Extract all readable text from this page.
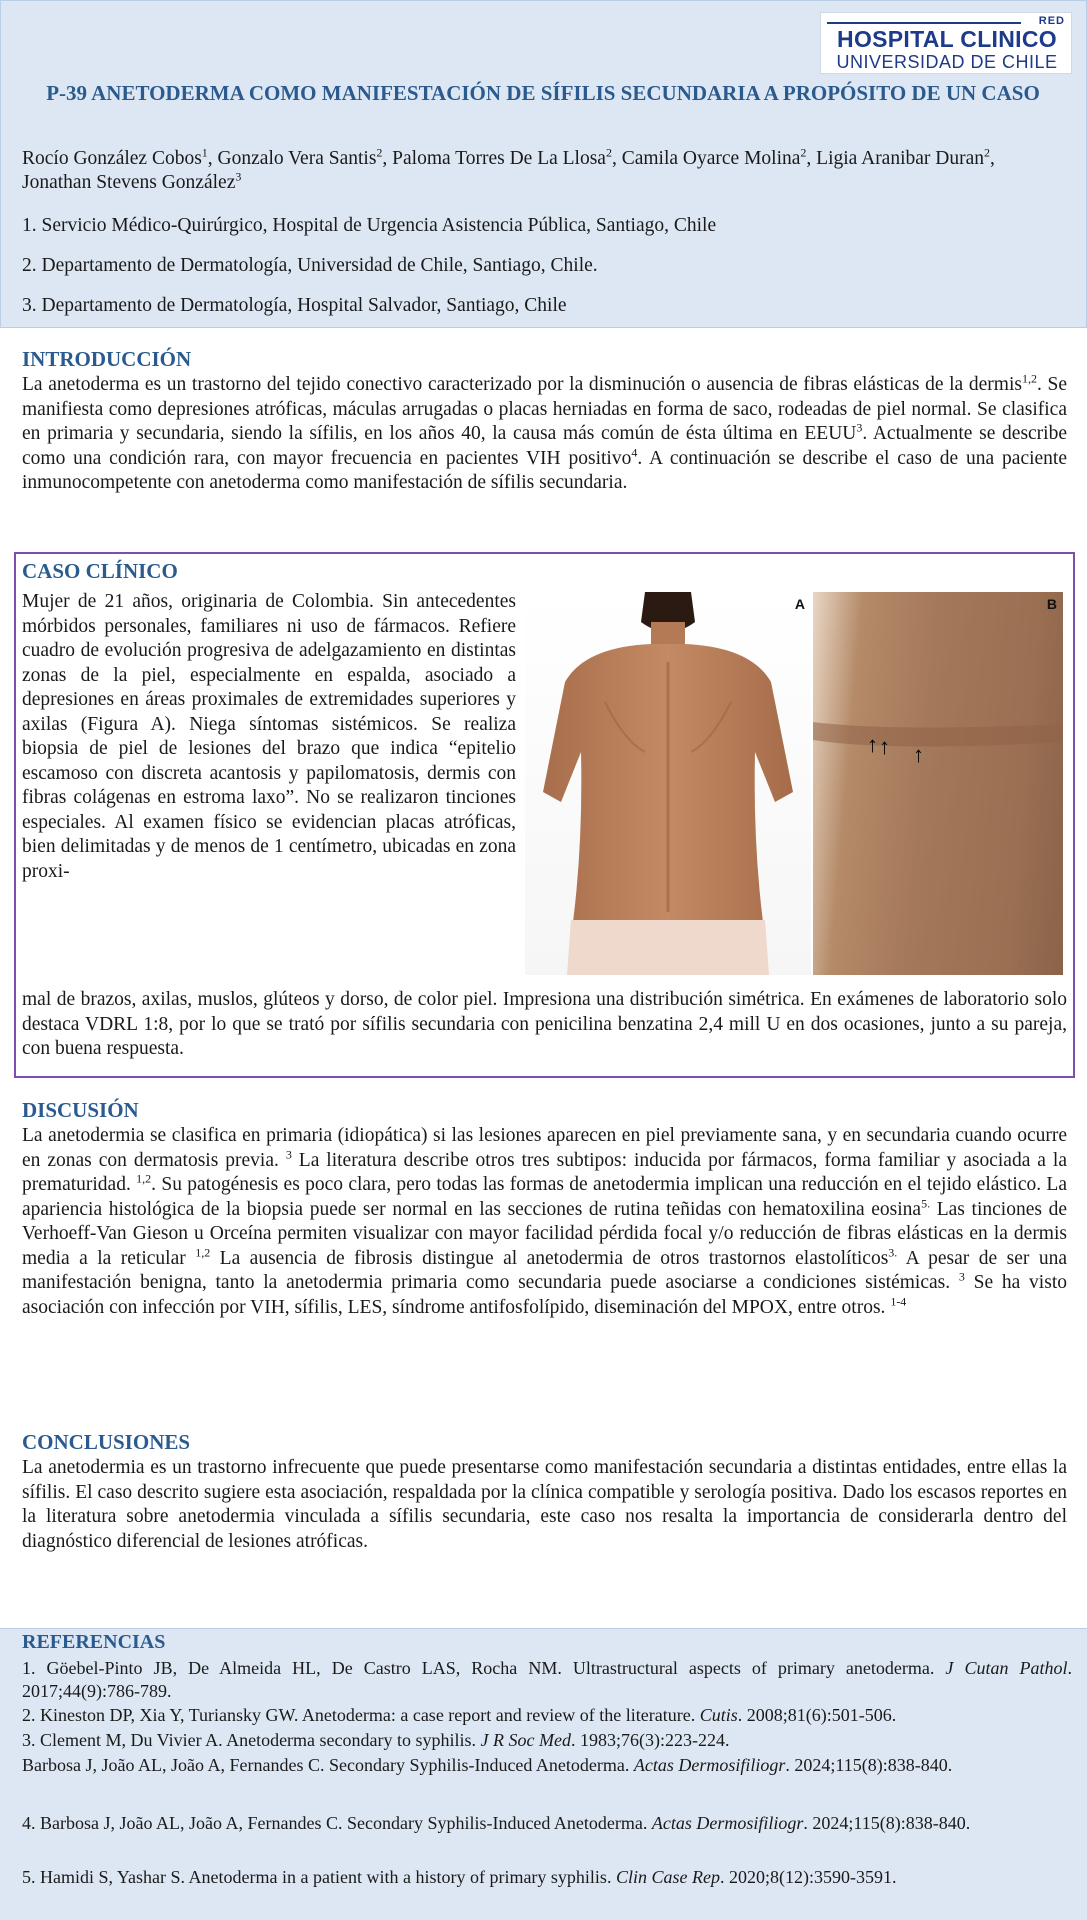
RED
HOSPITAL CLINICO
UNIVERSIDAD DE CHILE
P-39 ANETODERMA COMO MANIFESTACIÓN DE SÍFILIS SECUNDARIA A PROPÓSITO DE UN CASO
Rocío González Cobos$^1$, Gonzalo Vera Santis$^2$, Paloma Torres De La Llosa$^2$, Camila Oyarce Molina$^2$, Ligia Aranibar Duran$^2$, Jonathan Stevens González$^3$
1. Servicio Médico-Quirúrgico, Hospital de Urgencia Asistencia Pública, Santiago, Chile
2. Departamento de Dermatología, Universidad de Chile, Santiago, Chile.
3. Departamento de Dermatología, Hospital Salvador, Santiago, Chile
INTRODUCCIÓN
La anetoderma es un trastorno del tejido conectivo caracterizado por la disminución o ausencia de fibras elásticas de la dermis$^{1,2}$. Se manifiesta como depresiones atróficas, máculas arrugadas o placas herniadas en forma de saco, rodeadas de piel normal. Se clasifica en primaria y secundaria, siendo la sífilis, en los años 40, la causa más común de ésta última en EEUU$^3$. Actualmente se describe como una condición rara, con mayor frecuencia en pacientes VIH positivo$^4$. A continuación se describe el caso de una paciente inmunocompetente con anetoderma como manifestación de sífilis secundaria.
CASO CLÍNICO
Mujer de 21 años, originaria de Colombia. Sin antecedentes mórbidos personales, familiares ni uso de fármacos. Refiere cuadro de evolución progresiva de adelgazamiento en distintas zonas de la piel, especialmente en espalda, asociado a depresiones en áreas proximales de extremidades superiores y axilas (Figura A). Niega síntomas sistémicos. Se realiza biopsia de piel de lesiones del brazo que indica “epitelio escamoso con discreta acantosis y papilomatosis, dermis con fibras colágenas en estroma laxo”. No se realizaron tinciones especiales. Al examen físico se evidencian placas atróficas, bien delimitadas y de menos de 1 centímetro, ubicadas en zona proxi-
A	B
↑ ↑ ↑
mal de brazos, axilas, muslos, glúteos y dorso, de color piel. Impresiona una distribución simétrica. En exámenes de laboratorio solo destaca VDRL 1:8, por lo que se trató por sífilis secundaria con penicilina benzatina 2,4 mill U en dos ocasiones, junto a su pareja, con buena respuesta.
DISCUSIÓN
La anetodermia se clasifica en primaria (idiopática) si las lesiones aparecen en piel previamente sana, y en secundaria cuando ocurre en zonas con dermatosis previa. $^3$ La literatura describe otros tres subtipos: inducida por fármacos, forma familiar y asociada a la prematuridad. $^{1,2}$. Su patogénesis es poco clara, pero todas las formas de anetodermia implican una reducción en el tejido elástico. La apariencia histológica de la biopsia puede ser normal en las secciones de rutina teñidas con hematoxilina eosina$^{5.}$ Las tinciones de Verhoeff-Van Gieson u Orceína permiten visualizar con mayor facilidad pérdida focal y/o reducción de fibras elásticas en la dermis media a la reticular $^{1,2}$ La ausencia de fibrosis distingue al anetodermia de otros trastornos elastolíticos$^{3.}$ A pesar de ser una manifestación benigna, tanto la anetodermia primaria como secundaria puede asociarse a condiciones sistémicas. $^3$ Se ha visto asociación con infección por VIH, sífilis, LES, síndrome antifosfolípido, diseminación del MPOX, entre otros. $^{1-4}$
CONCLUSIONES
La anetodermia es un trastorno infrecuente que puede presentarse como manifestación secundaria a distintas entidades, entre ellas la sífilis. El caso descrito sugiere esta asociación, respaldada por la clínica compatible y serología positiva. Dado los escasos reportes en la literatura sobre anetodermia vinculada a sífilis secundaria, este caso nos resalta la importancia de considerarla dentro del diagnóstico diferencial de lesiones atróficas.
REFERENCIAS
1. Göebel-Pinto JB, De Almeida HL, De Castro LAS, Rocha NM. Ultrastructural aspects of primary anetoderma. J Cutan Pathol. 2017;44(9):786-789.
2. Kineston DP, Xia Y, Turiansky GW. Anetoderma: a case report and review of the literature. Cutis. 2008;81(6):501-506.
3. Clement M, Du Vivier A. Anetoderma secondary to syphilis. J R Soc Med. 1983;76(3):223-224.
Barbosa J, João AL, João A, Fernandes C. Secondary Syphilis-Induced Anetoderma. Actas Dermosifiliogr. 2024;115(8):838-840.
4. Barbosa J, João AL, João A, Fernandes C. Secondary Syphilis-Induced Anetoderma. Actas Dermosifiliogr. 2024;115(8):838-840.
5. Hamidi S, Yashar S. Anetoderma in a patient with a history of primary syphilis. Clin Case Rep. 2020;8(12):3590-3591.
